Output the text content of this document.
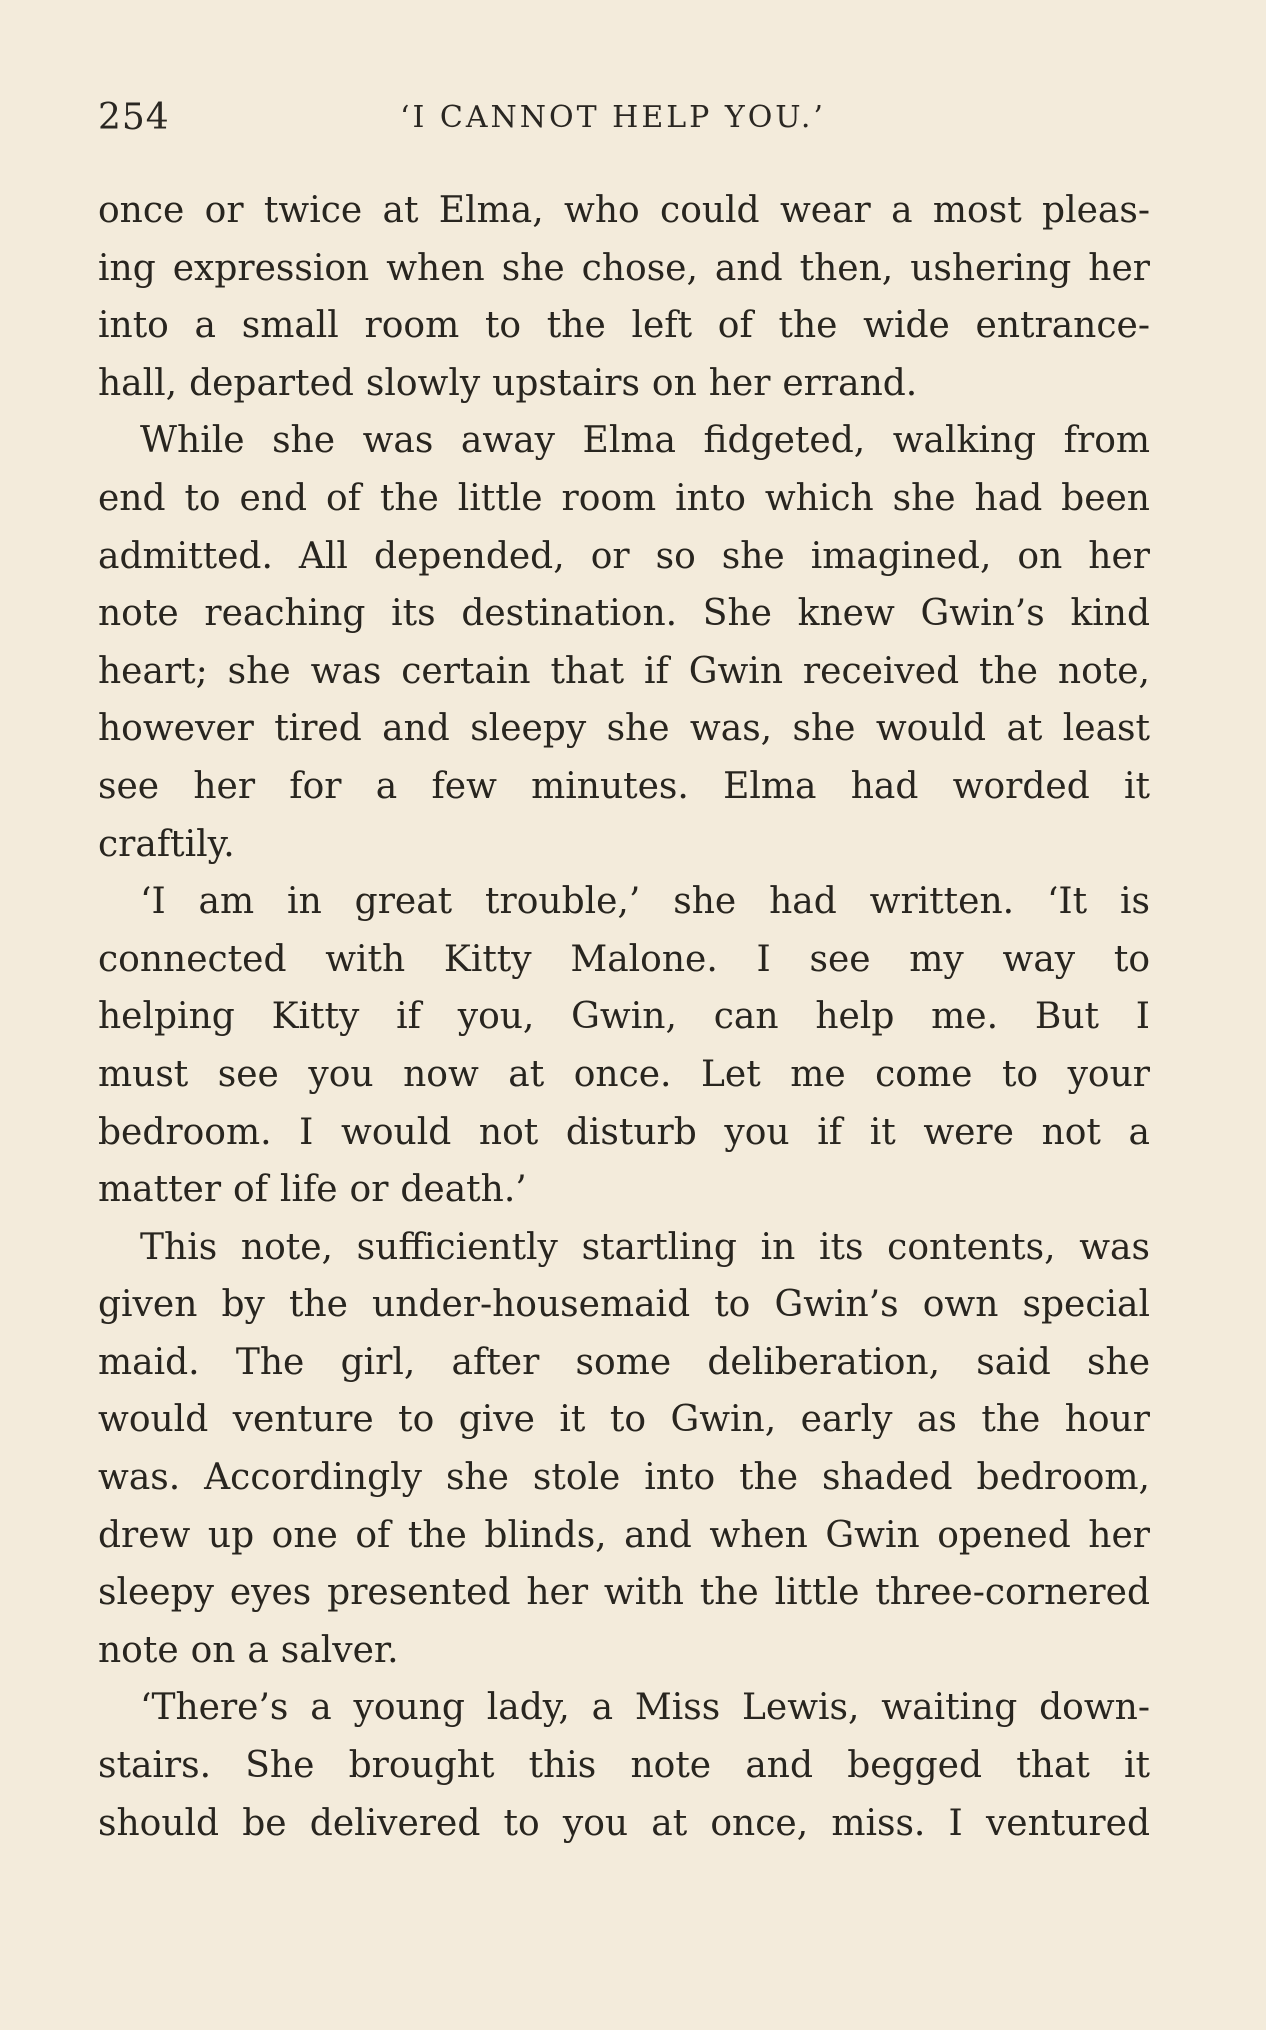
254	‘I CANNOT HELP YOU.’
once or twice at Elma, who could wear a most pleas-
ing expression when she chose, and then, ushering her
into a small room to the left of the wide entrance-
hall, departed slowly upstairs on her errand.
While she was away Elma fidgeted, walking from
end to end of the little room into which she had been
admitted. All depended, or so she imagined, on her
note reaching its destination. She knew Gwin’s kind
heart; she was certain that if Gwin received the note,
however tired and sleepy she was, she would at least
see her for a few minutes. Elma had worded it
craftily.
‘I am in great trouble,’ she had written. ‘It is
connected with Kitty Malone. I see my way to
helping Kitty if you, Gwin, can help me. But I
must see you now at once. Let me come to your
bedroom. I would not disturb you if it were not a
matter of life or death.’
This note, sufficiently startling in its contents, was
given by the under-housemaid to Gwin’s own special
maid. The girl, after some deliberation, said she
would venture to give it to Gwin, early as the hour
was. Accordingly she stole into the shaded bedroom,
drew up one of the blinds, and when Gwin opened her
sleepy eyes presented her with the little three-cornered
note on a salver.
‘There’s a young lady, a Miss Lewis, waiting down-
stairs. She brought this note and begged that it
should be delivered to you at once, miss. I ventured
